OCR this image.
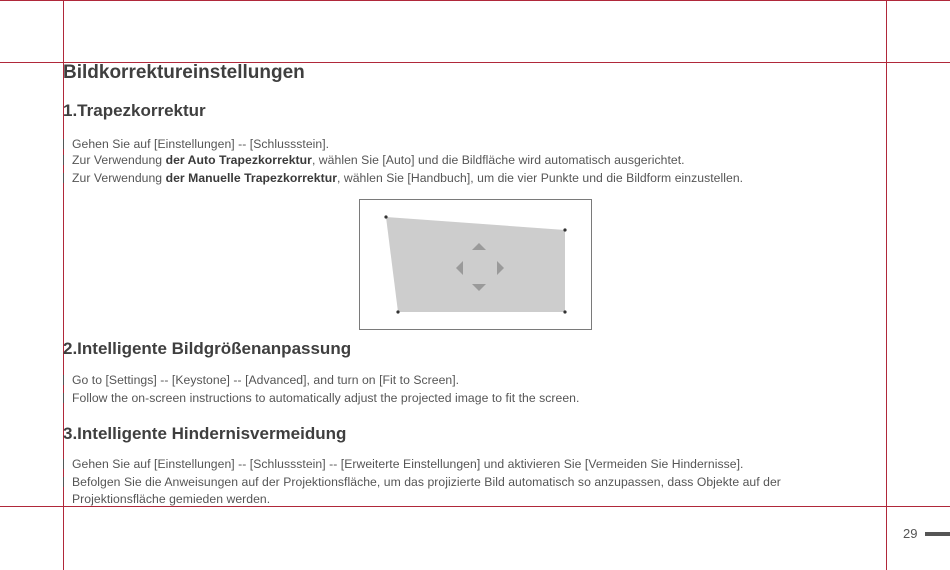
Bildkorrektureinstellungen
1.Trapezkorrektur
Gehen Sie auf [Einstellungen] -- [Schlussstein].
Zur Verwendung der Auto Trapezkorrektur, wählen Sie [Auto] und die Bildfläche wird automatisch ausgerichtet.
Zur Verwendung der Manuelle Trapezkorrektur, wählen Sie [Handbuch], um die vier Punkte und die Bildform einzustellen.
2.Intelligente Bildgrößenanpassung
Go to [Settings] -- [Keystone] -- [Advanced], and turn on [Fit to Screen].
Follow the on-screen instructions to automatically adjust the projected image to fit the screen.
3.Intelligente Hindernisvermeidung
Gehen Sie auf [Einstellungen] -- [Schlussstein] -- [Erweiterte Einstellungen] und aktivieren Sie [Vermeiden Sie Hindernisse].
Befolgen Sie die Anweisungen auf der Projektionsfläche, um das projizierte Bild automatisch so anzupassen, dass Objekte auf der
Projektionsfläche gemieden werden.
29
